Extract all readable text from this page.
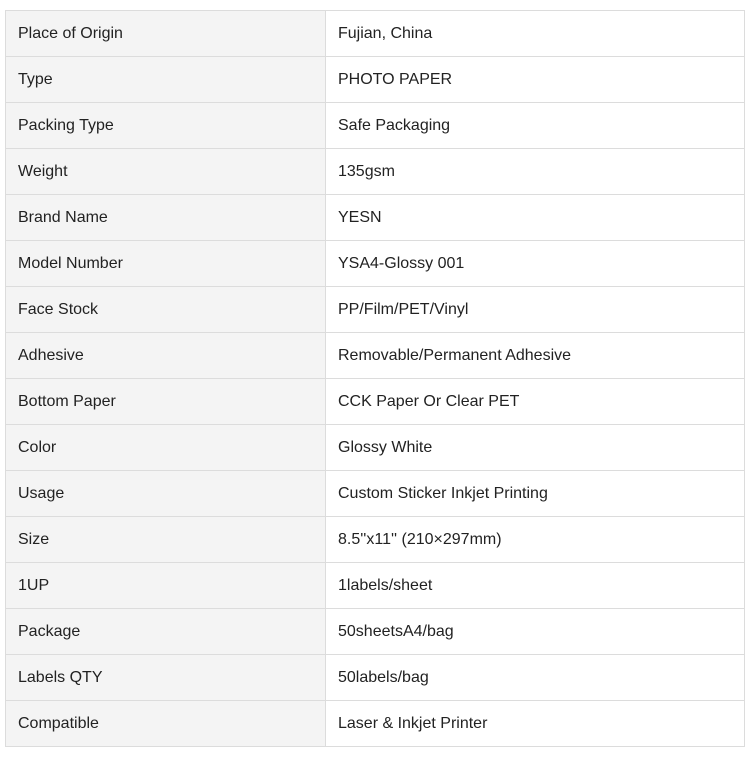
Place of Origin	Fujian, China
Type	PHOTO PAPER
Packing Type	Safe Packaging
Weight	135gsm
Brand Name	YESN
Model Number	YSA4-Glossy 001
Face Stock	PP/Film/PET/Vinyl
Adhesive	Removable/Permanent Adhesive
Bottom Paper	CCK Paper Or Clear PET
Color	Glossy White
Usage	Custom Sticker Inkjet Printing
Size	8.5''x11'' (210×297mm)
1UP	1labels/sheet
Package	50sheetsA4/bag
Labels QTY	50labels/bag
Compatible	Laser & Inkjet Printer
